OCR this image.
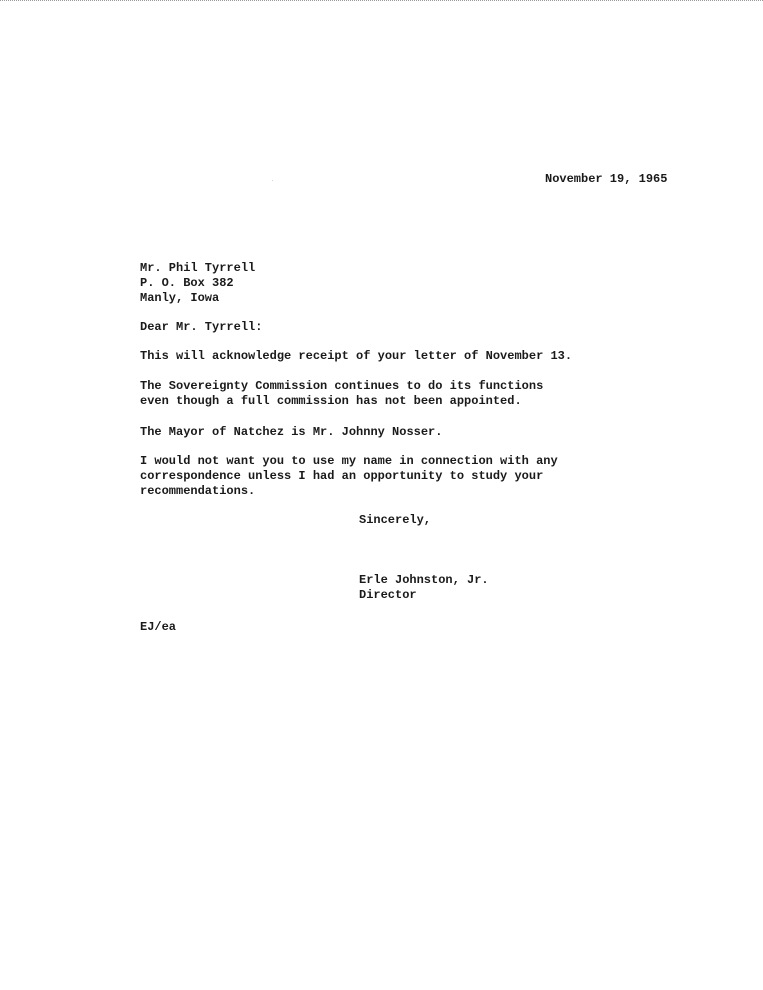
November 19, 1965
Mr. Phil Tyrrell
P. O. Box 382
Manly, Iowa
Dear Mr. Tyrrell:
This will acknowledge receipt of your letter of November 13.
The Sovereignty Commission continues to do its functions
even though a full commission has not been appointed.
The Mayor of Natchez is Mr. Johnny Nosser.
I would not want you to use my name in connection with any
correspondence unless I had an opportunity to study your
recommendations.
Sincerely,
Erle Johnston, Jr.
Director
EJ/ea
